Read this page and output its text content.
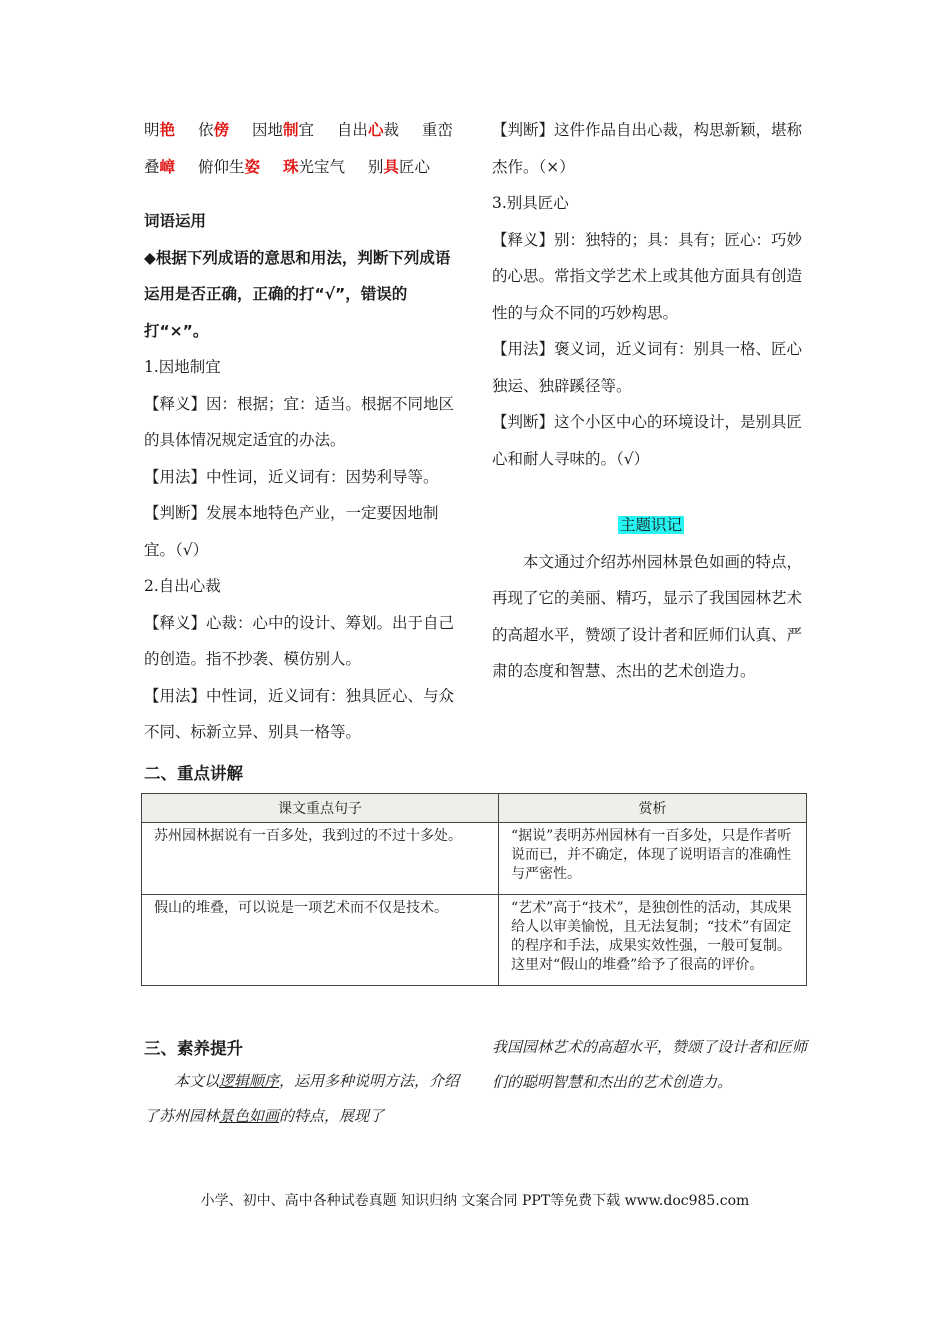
明艳 依傍 因地制宜 自出心裁 重峦
叠嶂 俯仰生姿 珠光宝气 别具匠心
词语运用
◆根据下列成语的意思和用法，判断下列成语运用是否正确，正确的打“√”，错误的打“×”。
1.因地制宜
【释义】因：根据；宜：适当。根据不同地区的具体情况规定适宜的办法。
【用法】中性词，近义词有：因势利导等。
【判断】发展本地特色产业，一定要因地制宜。（√）
2.自出心裁
【释义】心裁：心中的设计、筹划。出于自己的创造。指不抄袭、模仿别人。
【用法】中性词，近义词有：独具匠心、与众不同、标新立异、别具一格等。
【判断】这件作品自出心裁，构思新颖，堪称杰作。（×）
3.别具匠心
【释义】别：独特的；具：具有；匠心：巧妙的心思。常指文学艺术上或其他方面具有创造性的与众不同的巧妙构思。
【用法】褒义词，近义词有：别具一格、匠心独运、独辟蹊径等。
【判断】这个小区中心的环境设计，是别具匠心和耐人寻味的。（√）
主题识记
本文通过介绍苏州园林景色如画的特点，再现了它的美丽、精巧，显示了我国园林艺术的高超水平，赞颂了设计者和匠师们认真、严肃的态度和智慧、杰出的艺术创造力。
二、重点讲解
课文重点句子	赏析
苏州园林据说有一百多处，我到过的不过十多处。	“据说”表明苏州园林有一百多处，只是作者听说而已，并不确定，体现了说明语言的准确性与严密性。
假山的堆叠，可以说是一项艺术而不仅是技术。	“艺术”高于“技术”，是独创性的活动，其成果给人以审美愉悦，且无法复制；“技术”有固定的程序和手法，成果实效性强，一般可复制。这里对“假山的堆叠”给予了很高的评价。
三、素养提升
本文以逻辑顺序，运用多种说明方法，介绍了苏州园林景色如画的特点，展现了
我国园林艺术的高超水平，赞颂了设计者和匠师们的聪明智慧和杰出的艺术创造力。
小学、初中、高中各种试卷真题 知识归纳 文案合同 PPT等免费下载 www.doc985.com
